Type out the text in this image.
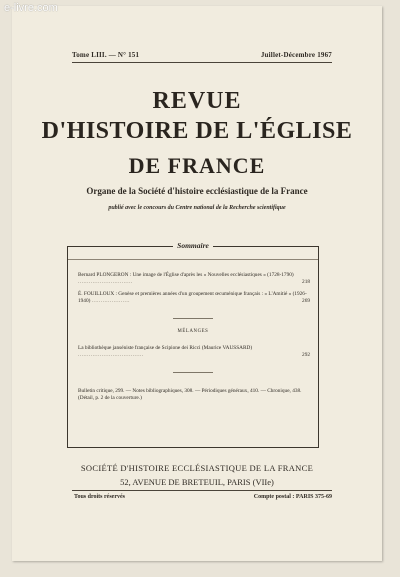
e-livre.com
Tome LIII. — N° 151	Juillet-Décembre 1967
REVUE
D'HISTOIRE DE L'ÉGLISE
DE FRANCE
Organe de la Société d'histoire ecclésiastique de la France
publié avec le concours du Centre national de la Recherche scientifique
Sommaire
Bernard PLONGERON : Une image de l'Église d'après les « Nouvelles ecclésiastiques » (1728-1790) ..............................	218
É. FOUILLOUX : Genèse et premières années d'un groupement œcuménique français : « L'Amitié » (1926-1940) .....................	269
MÉLANGES
La bibliothèque janséniste française de Scipione dei Ricci (Maurice VAUSSARD) ....................................	292
Bulletin critique, 299. — Notes bibliographiques, 308. — Périodiques généraux, 410. — Chronique, 438. (Détail, p. 2 de la couverture.)
SOCIÉTÉ D'HISTOIRE ECCLÉSIASTIQUE DE LA FRANCE
52, AVENUE DE BRETEUIL, PARIS (VIIe)
Tous droits réservés	Compte postal : PARIS 375-69
